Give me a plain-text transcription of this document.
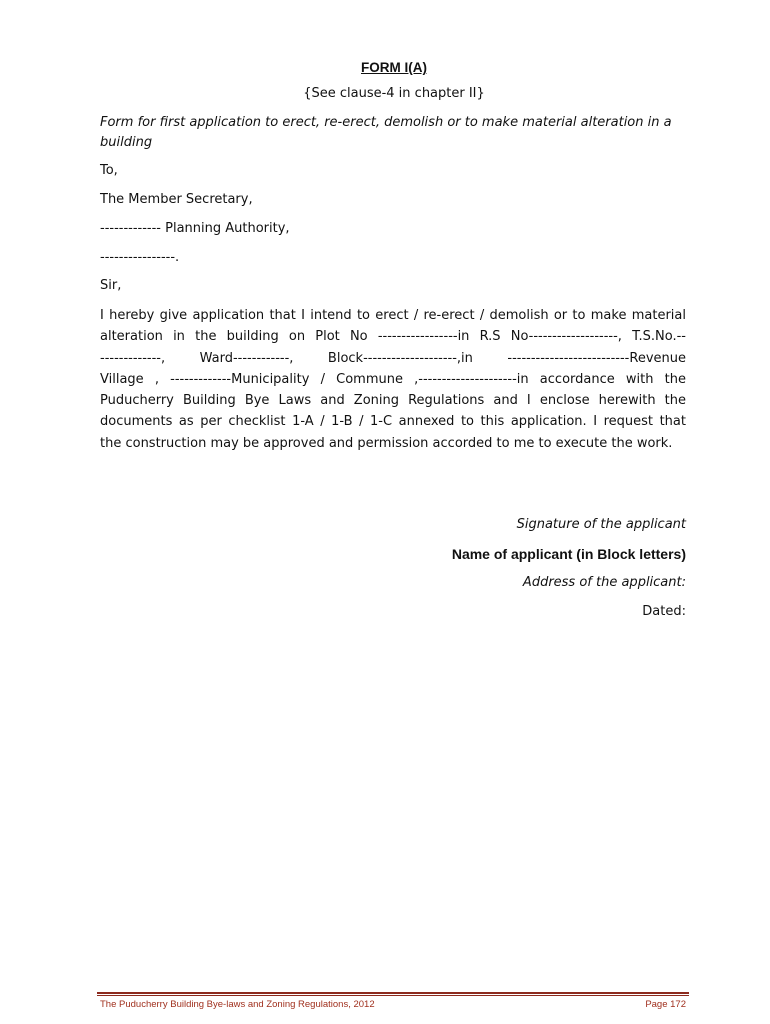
FORM I(A)
{See clause-4 in chapter II}
Form for first application to erect, re-erect, demolish or to make material alteration in a building
To,
The Member Secretary,
------------- Planning Authority,
----------------.
Sir,
I hereby give application that I intend to erect / re-erect / demolish or to make material
alteration in the building on Plot No -----------------in R.S No-------------------, T.S.No.--
-------------, Ward------------, Block--------------------,in --------------------------Revenue
Village , -------------Municipality / Commune ,---------------------in accordance with the
Puducherry Building Bye Laws and Zoning Regulations and I enclose herewith the
documents as per checklist 1-A / 1-B / 1-C annexed to this application. I request that
the construction may be approved and permission accorded to me to execute the work.
Signature of the applicant
Name of applicant (in Block letters)
Address of the applicant:
Dated:
The Puducherry Building Bye-laws and Zoning Regulations, 2012	Page 172
